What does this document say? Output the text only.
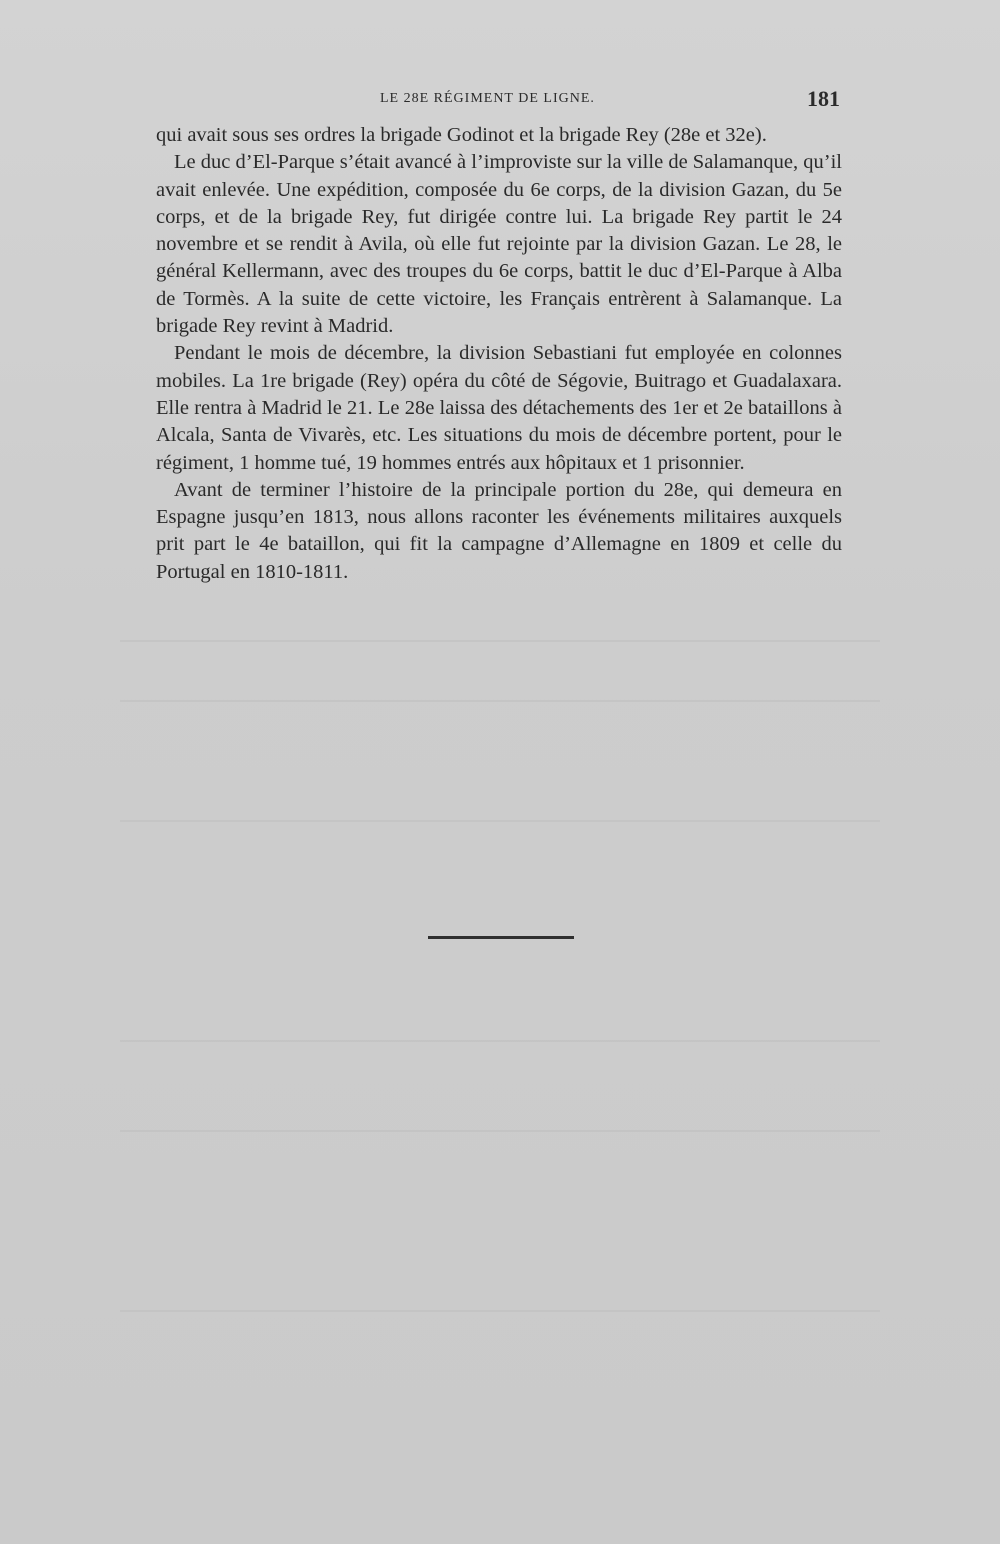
LE 28E RÉGIMENT DE LIGNE.	181

qui avait sous ses ordres la brigade Godinot et la brigade Rey (28e et 32e).

Le duc d’El-Parque s’était avancé à l’improviste sur la ville de Salamanque, qu’il avait enlevée. Une expédition, composée du 6e corps, de la division Gazan, du 5e corps, et de la brigade Rey, fut dirigée contre lui. La brigade Rey partit le 24 novembre et se rendit à Avila, où elle fut rejointe par la division Gazan. Le 28, le général Kellermann, avec des troupes du 6e corps, battit le duc d’El-Parque à Alba de Tormès. A la suite de cette victoire, les Français entrèrent à Salamanque. La brigade Rey revint à Madrid.

Pendant le mois de décembre, la division Sebastiani fut employée en colonnes mobiles. La 1re brigade (Rey) opéra du côté de Ségovie, Buitrago et Guadalaxara. Elle rentra à Madrid le 21. Le 28e laissa des détachements des 1er et 2e bataillons à Alcala, Santa de Vivarès, etc. Les situations du mois de décembre portent, pour le régiment, 1 homme tué, 19 hommes entrés aux hôpitaux et 1 prisonnier.

Avant de terminer l’histoire de la principale portion du 28e, qui demeura en Espagne jusqu’en 1813, nous allons raconter les événements militaires auxquels prit part le 4e bataillon, qui fit la campagne d’Allemagne en 1809 et celle du Portugal en 1810-1811.
